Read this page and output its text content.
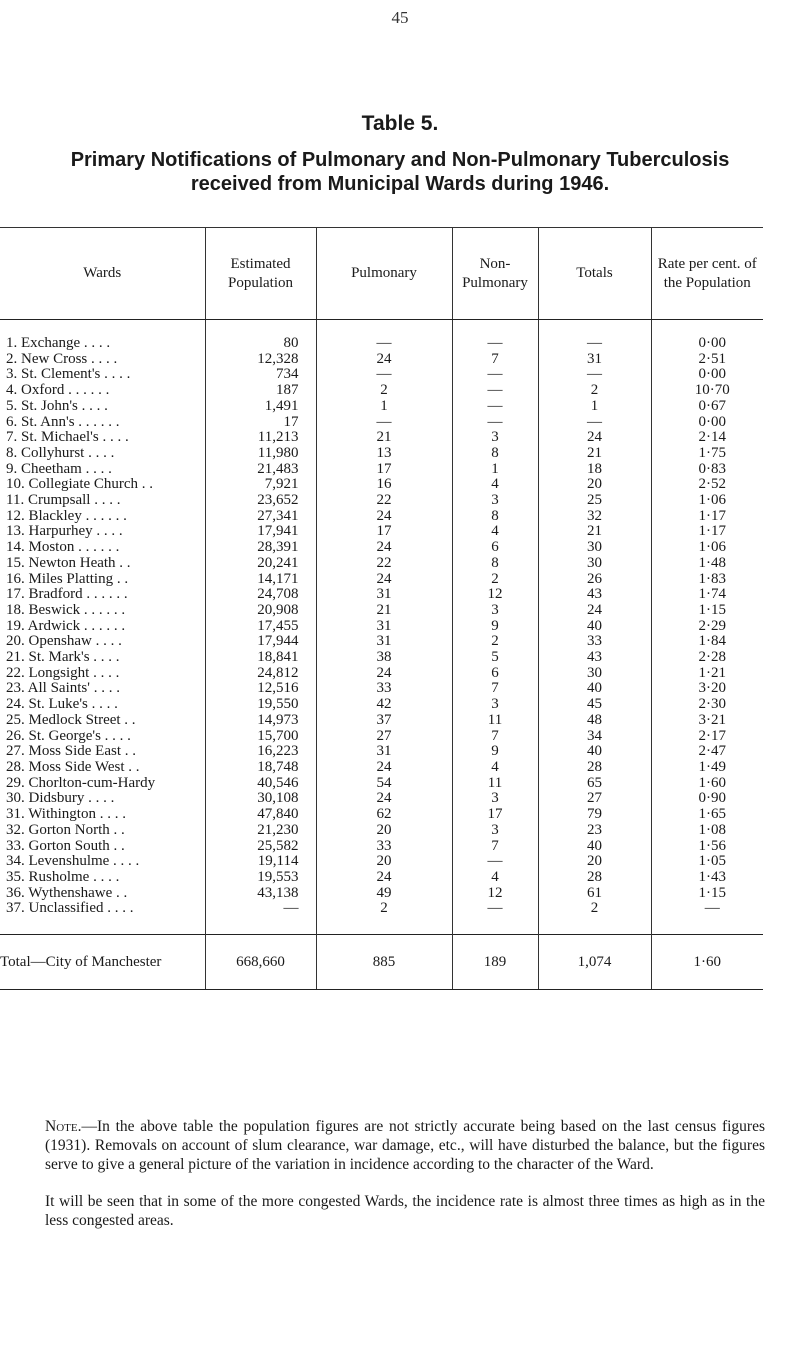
45
Table 5.
Primary Notifications of Pulmonary and Non-Pulmonary Tuberculosis
received from Municipal Wards during 1946.
Wards	Estimated Population	Pulmonary	Non-Pulmonary	Totals	Rate per cent. of the Population
1. Exchange . . . .	80	—	—	—	0·00
2. New Cross . . . .	12,328	24	7	31	2·51
3. St. Clement's . . . .	734	—	—	—	0·00
4. Oxford . . . . . .	187	2	—	2	10·70
5. St. John's . . . .	1,491	1	—	1	0·67
6. St. Ann's . . . . . .	17	—	—	—	0·00
7. St. Michael's . . . .	11,213	21	3	24	2·14
8. Collyhurst . . . .	11,980	13	8	21	1·75
9. Cheetham . . . .	21,483	17	1	18	0·83
10. Collegiate Church . .	7,921	16	4	20	2·52
11. Crumpsall . . . .	23,652	22	3	25	1·06
12. Blackley . . . . . .	27,341	24	8	32	1·17
13. Harpurhey . . . .	17,941	17	4	21	1·17
14. Moston . . . . . .	28,391	24	6	30	1·06
15. Newton Heath . .	20,241	22	8	30	1·48
16. Miles Platting . .	14,171	24	2	26	1·83
17. Bradford . . . . . .	24,708	31	12	43	1·74
18. Beswick . . . . . .	20,908	21	3	24	1·15
19. Ardwick . . . . . .	17,455	31	9	40	2·29
20. Openshaw . . . .	17,944	31	2	33	1·84
21. St. Mark's . . . .	18,841	38	5	43	2·28
22. Longsight . . . .	24,812	24	6	30	1·21
23. All Saints' . . . .	12,516	33	7	40	3·20
24. St. Luke's . . . .	19,550	42	3	45	2·30
25. Medlock Street . .	14,973	37	11	48	3·21
26. St. George's . . . .	15,700	27	7	34	2·17
27. Moss Side East . .	16,223	31	9	40	2·47
28. Moss Side West . .	18,748	24	4	28	1·49
29. Chorlton-cum-Hardy	40,546	54	11	65	1·60
30. Didsbury . . . .	30,108	24	3	27	0·90
31. Withington . . . .	47,840	62	17	79	1·65
32. Gorton North . .	21,230	20	3	23	1·08
33. Gorton South . .	25,582	33	7	40	1·56
34. Levenshulme . . . .	19,114	20	—	20	1·05
35. Rusholme . . . .	19,553	24	4	28	1·43
36. Wythenshawe . .	43,138	49	12	61	1·15
37. Unclassified . . . .	—	2	—	2	—
Total—City of Manchester	668,660	885	189	1,074	1·60
Note.—In the above table the population figures are not strictly accurate being based on the last census figures (1931). Removals on account of slum clearance, war damage, etc., will have disturbed the balance, but the figures serve to give a general picture of the variation in incidence according to the character of the Ward.
It will be seen that in some of the more congested Wards, the incidence rate is almost three times as high as in the less congested areas.
